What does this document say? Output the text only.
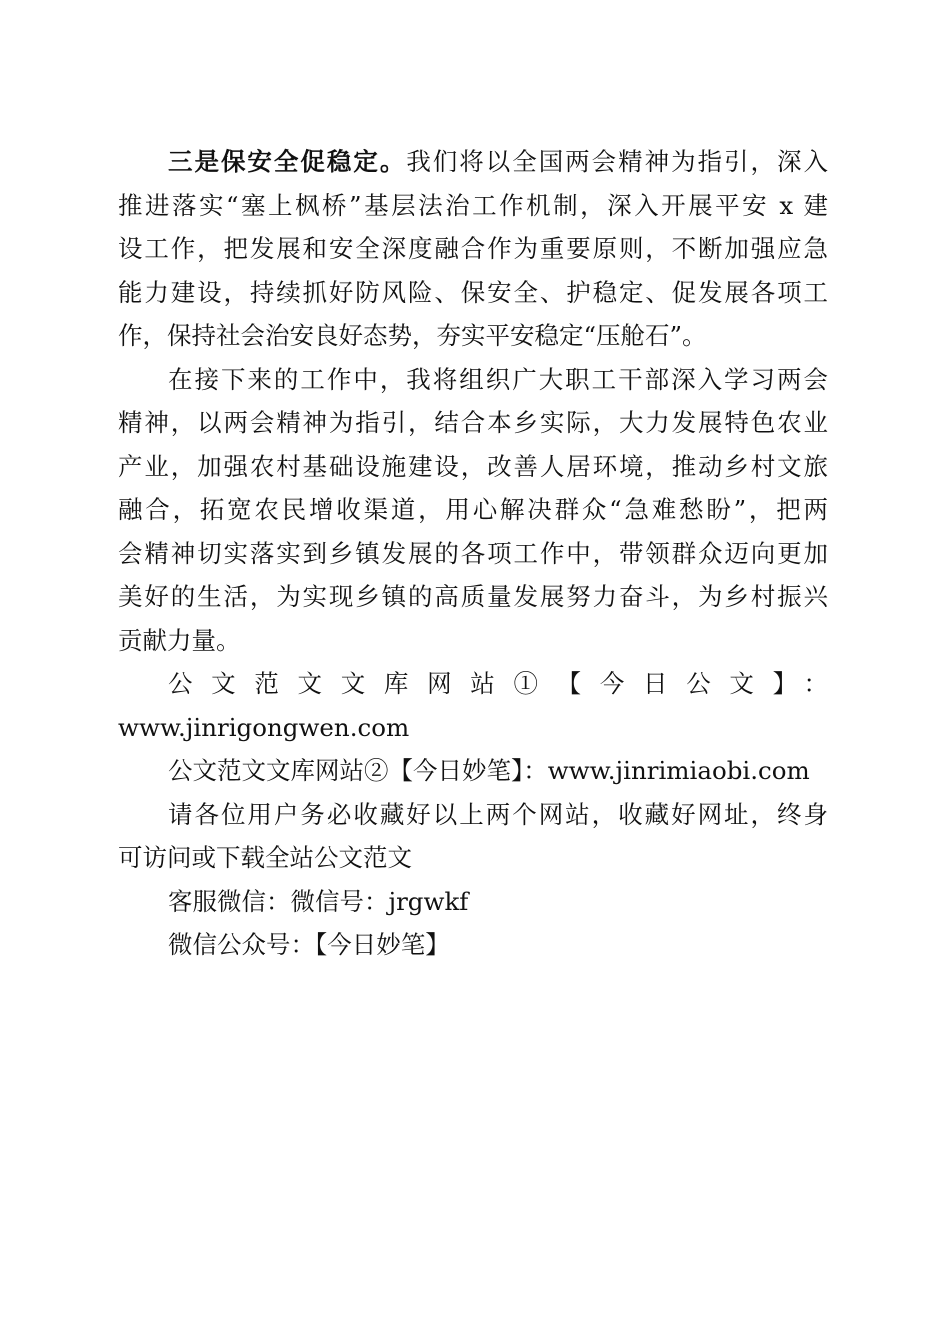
三是保安全促稳定。我们将以全国两会精神为指引，深入
推进落实“塞上枫桥”基层法治工作机制，深入开展平安 x 建
设工作，把发展和安全深度融合作为重要原则，不断加强应急
能力建设，持续抓好防风险、保安全、护稳定、促发展各项工
作，保持社会治安良好态势，夯实平安稳定“压舱石”。
在接下来的工作中，我将组织广大职工干部深入学习两会
精神，以两会精神为指引，结合本乡实际，大力发展特色农业
产业，加强农村基础设施建设，改善人居环境，推动乡村文旅
融合，拓宽农民增收渠道，用心解决群众“急难愁盼”，把两
会精神切实落实到乡镇发展的各项工作中，带领群众迈向更加
美好的生活，为实现乡镇的高质量发展努力奋斗，为乡村振兴
贡献力量。
公文范文文库网站①【今日公文】：
www.jinrigongwen.com
公文范文文库网站②【今日妙笔】：www.jinrimiaobi.com
请各位用户务必收藏好以上两个网站，收藏好网址，终身
可访问或下载全站公文范文
客服微信：微信号：jrgwkf
微信公众号：【今日妙笔】
